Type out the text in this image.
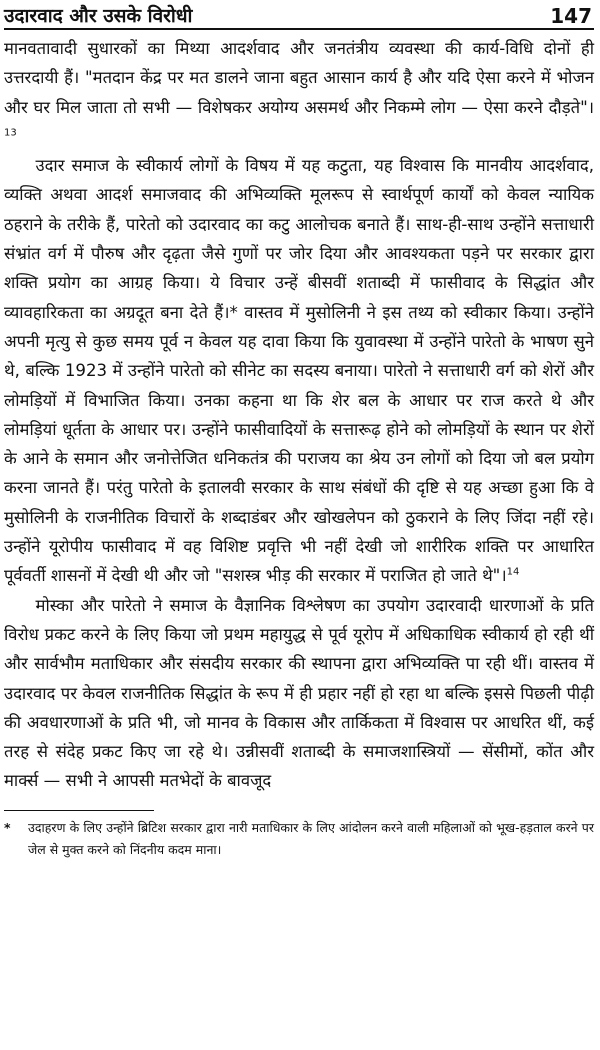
उदारवाद और उसके विरोधी	147

मानवतावादी सुधारकों का मिथ्या आदर्शवाद और जनतंत्रीय व्यवस्था की कार्य-विधि दोनों ही उत्तरदायी हैं। "मतदान केंद्र पर मत डालने जाना बहुत आसान कार्य है और यदि ऐसा करने में भोजन और घर मिल जाता तो सभी — विशेषकर अयोग्य असमर्थ और निकम्मे लोग — ऐसा करने दौड़ते"।$^{13}$

उदार समाज के स्वीकार्य लोगों के विषय में यह कटुता, यह विश्वास कि मानवीय आदर्शवाद, व्यक्ति अथवा आदर्श समाजवाद की अभिव्यक्ति मूलरूप से स्वार्थपूर्ण कार्यों को केवल न्यायिक ठहराने के तरीके हैं, पारेतो को उदारवाद का कटु आलोचक बनाते हैं। साथ-ही-साथ उन्होंने सत्ताधारी संभ्रांत वर्ग में पौरुष और दृढ़ता जैसे गुणों पर जोर दिया और आवश्यकता पड़ने पर सरकार द्वारा शक्ति प्रयोग का आग्रह किया। ये विचार उन्हें बीसवीं शताब्दी में फासीवाद के सिद्धांत और व्यावहारिकता का अग्रदूत बना देते हैं।* वास्तव में मुसोलिनी ने इस तथ्य को स्वीकार किया। उन्होंने अपनी मृत्यु से कुछ समय पूर्व न केवल यह दावा किया कि युवावस्था में उन्होंने पारेतो के भाषण सुने थे, बल्कि 1923 में उन्होंने पारेतो को सीनेट का सदस्य बनाया। पारेतो ने सत्ताधारी वर्ग को शेरों और लोमड़ियों में विभाजित किया। उनका कहना था कि शेर बल के आधार पर राज करते थे और लोमड़ियां धूर्तता के आधार पर। उन्होंने फासीवादियों के सत्तारूढ़ होने को लोमड़ियों के स्थान पर शेरों के आने के समान और जनोत्तेजित धनिकतंत्र की पराजय का श्रेय उन लोगों को दिया जो बल प्रयोग करना जानते हैं। परंतु पारेतो के इतालवी सरकार के साथ संबंधों की दृष्टि से यह अच्छा हुआ कि वे मुसोलिनी के राजनीतिक विचारों के शब्दाडंबर और खोखलेपन को ठुकराने के लिए जिंदा नहीं रहे। उन्होंने यूरोपीय फासीवाद में वह विशिष्ट प्रवृत्ति भी नहीं देखी जो शारीरिक शक्ति पर आधारित पूर्ववर्ती शासनों में देखी थी और जो "सशस्त्र भीड़ की सरकार में पराजित हो जाते थे"।$^{14}$

मोस्का और पारेतो ने समाज के वैज्ञानिक विश्लेषण का उपयोग उदारवादी धारणाओं के प्रति विरोध प्रकट करने के लिए किया जो प्रथम महायुद्ध से पूर्व यूरोप में अधिकाधिक स्वीकार्य हो रही थीं और सार्वभौम मताधिकार और संसदीय सरकार की स्थापना द्वारा अभिव्यक्ति पा रही थीं। वास्तव में उदारवाद पर केवल राजनीतिक सिद्धांत के रूप में ही प्रहार नहीं हो रहा था बल्कि इससे पिछली पीढ़ी की अवधारणाओं के प्रति भी, जो मानव के विकास और तार्किकता में विश्वास पर आधरित थीं, कई तरह से संदेह प्रकट किए जा रहे थे। उन्नीसवीं शताब्दी के समाजशास्त्रियों — सेंसीमों, कोंत और मार्क्स — सभी ने आपसी मतभेदों के बावजूद

*	उदाहरण के लिए उन्होंने ब्रिटिश सरकार द्वारा नारी मताधिकार के लिए आंदोलन करने वाली महिलाओं को भूख-हड़ताल करने पर जेल से मुक्त करने को निंदनीय कदम माना।
